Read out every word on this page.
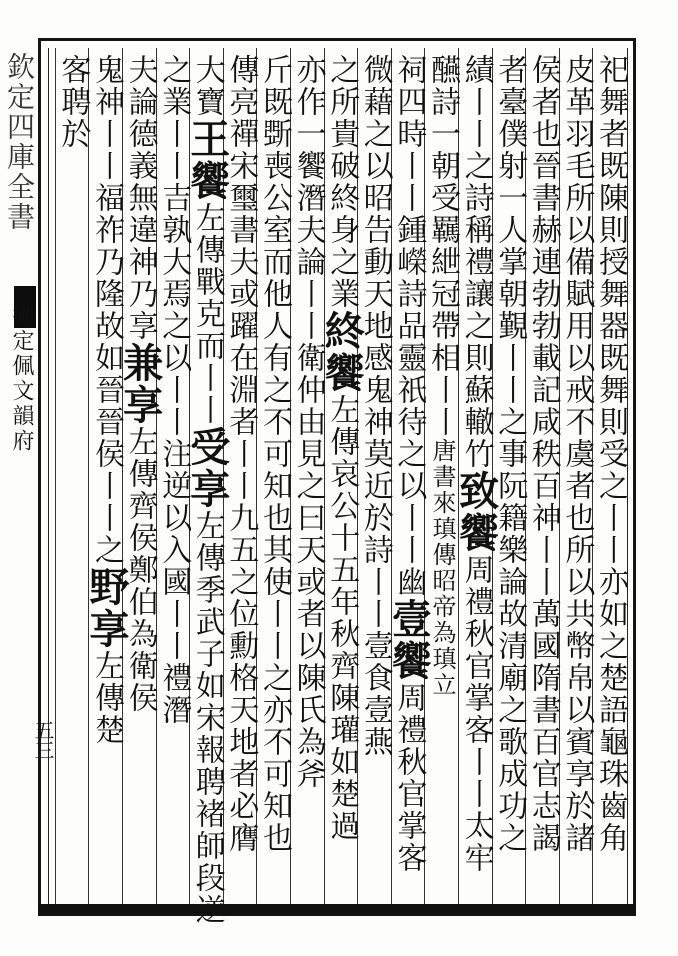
欽定四庫全書
御定佩文韻府
五三	祀舞者既陳則授舞器既舞則受之丨丨亦如之楚語龜珠齒角
皮革羽毛所以備賦用以戒不虞者也所以共幣帛以賓享於諸
侯者也晉書赫連勃勃載記咸秩百神丨丨萬國隋書百官志謁
者臺僕射一人掌朝覲丨丨之事阮籍樂論故清廟之歌成功之
績丨丨之詩稱禮讓之則蘇轍竹致饗周禮秋官掌客丨丨太牢
醼詩一朝受羈紲冠帶相丨丨唐書來瑱傳昭帝為瑱立
祠四時丨丨鍾嶸詩品靈祇待之以丨丨幽壹饗周禮秋官掌客
微藉之以昭告動天地感鬼神莫近於詩丨丨壹食壹燕
之所貴破終身之業終饗左傳哀公十五年秋齊陳瓘如楚過
亦作一饗潛夫論丨丨衛仲由見之曰天或者以陳氏為斧
斤既斲喪公室而他人有之不可知也其使丨丨之亦不可知也
傳亮禪宋璽書夫或躍在淵者丨丨九五之位勳格天地者必膺
大寶王饗左傳戰克而丨丨受享左傳季武子如宋報聘褚師段逆
之業丨丨吉孰大焉之以丨丨注逆以入國丨丨禮潛
夫論德義無違神乃享兼享左傳齊侯鄭伯為衛侯
鬼神丨丨福祚乃隆故如晉晉侯丨丨之野享左傳楚
客聘於
